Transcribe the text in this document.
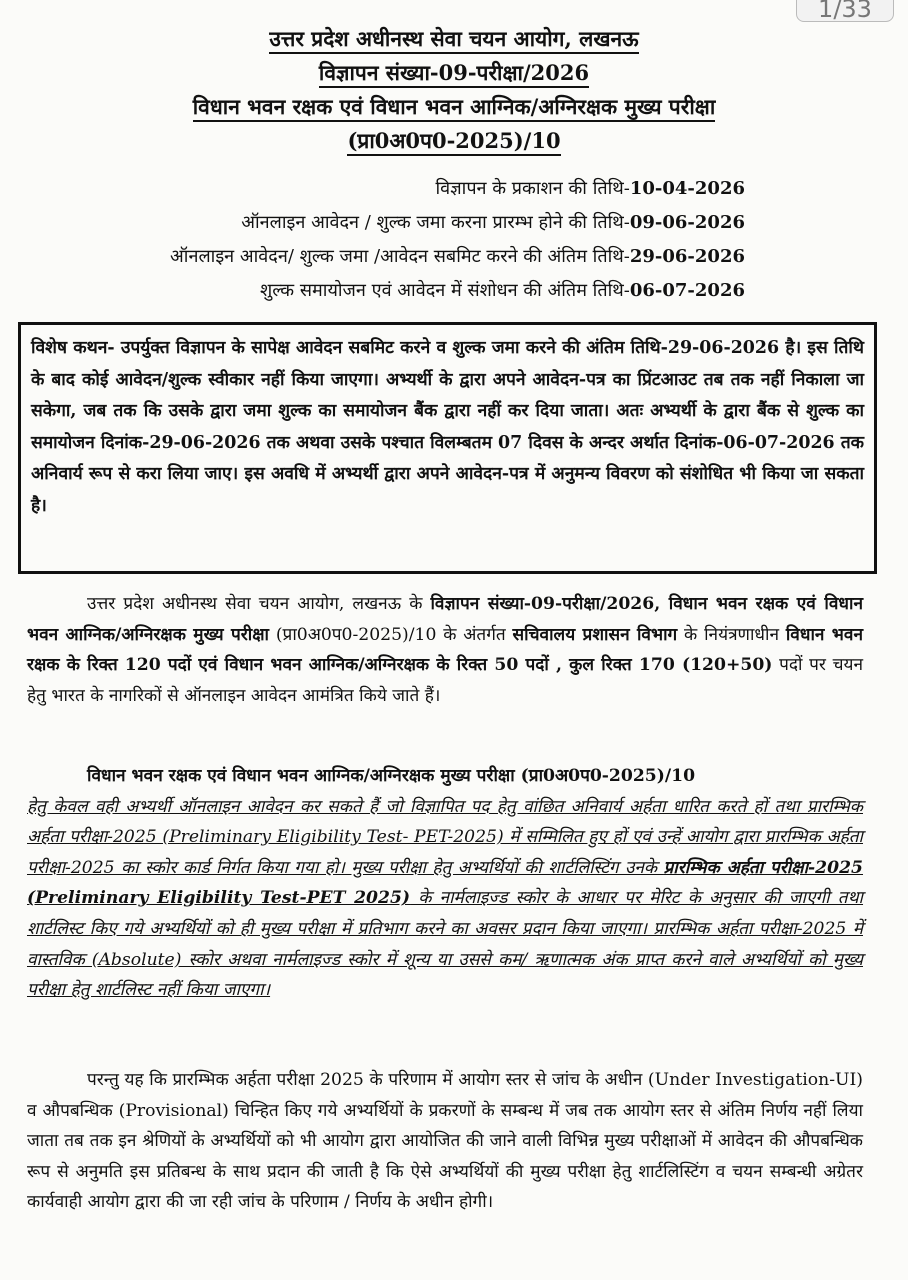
1/33
उत्तर प्रदेश अधीनस्थ सेवा चयन आयोग, लखनऊ
विज्ञापन संख्या-09-परीक्षा/2026
विधान भवन रक्षक एवं विधान भवन आग्निक/अग्निरक्षक मुख्य परीक्षा
(प्रा0अ0प0-2025)/10
विज्ञापन के प्रकाशन की तिथि-10-04-2026
ऑनलाइन आवेदन / शुल्क जमा करना प्रारम्भ होने की तिथि-09-06-2026
ऑनलाइन आवेदन/ शुल्क जमा /आवेदन सबमिट करने की अंतिम तिथि-29-06-2026
शुल्क समायोजन एवं आवेदन में संशोधन की अंतिम तिथि-06-07-2026
विशेष कथन- उपर्युक्त विज्ञापन के सापेक्ष आवेदन सबमिट करने व शुल्क जमा करने की अंतिम तिथि-29-06-2026 है। इस तिथि के बाद कोई आवेदन/शुल्क स्वीकार नहीं किया जाएगा। अभ्यर्थी के द्वारा अपने आवेदन-पत्र का प्रिंटआउट तब तक नहीं निकाला जा सकेगा, जब तक कि उसके द्वारा जमा शुल्क का समायोजन बैंक द्वारा नहीं कर दिया जाता। अतः अभ्यर्थी के द्वारा बैंक से शुल्क का समायोजन दिनांक-29-06-2026 तक अथवा उसके पश्चात विलम्बतम 07 दिवस के अन्दर अर्थात दिनांक-06-07-2026 तक अनिवार्य रूप से करा लिया जाए। इस अवधि में अभ्यर्थी द्वारा अपने आवेदन-पत्र में अनुमन्य विवरण को संशोधित भी किया जा सकता है।
उत्तर प्रदेश अधीनस्थ सेवा चयन आयोग, लखनऊ के विज्ञापन संख्या-09-परीक्षा/2026, विधान भवन रक्षक एवं विधान भवन आग्निक/अग्निरक्षक मुख्य परीक्षा (प्रा0अ0प0-2025)/10 के अंतर्गत सचिवालय प्रशासन विभाग के नियंत्रणाधीन विधान भवन रक्षक के रिक्त 120 पदों एवं विधान भवन आग्निक/अग्निरक्षक के रिक्त 50 पदों , कुल रिक्त 170 (120+50) पदों पर चयन हेतु भारत के नागरिकों से ऑनलाइन आवेदन आमंत्रित किये जाते हैं।
विधान भवन रक्षक एवं विधान भवन आग्निक/अग्निरक्षक मुख्य परीक्षा (प्रा0अ0प0-2025)/10
हेतु केवल वही अभ्यर्थी ऑनलाइन आवेदन कर सकते हैं जो विज्ञापित पद हेतु वांछित अनिवार्य अर्हता धारित करते हों तथा प्रारम्भिक अर्हता परीक्षा-2025 (Preliminary Eligibility Test- PET-2025) में सम्मिलित हुए हों एवं उन्हें आयोग द्वारा प्रारम्भिक अर्हता परीक्षा-2025 का स्कोर कार्ड निर्गत किया गया हो। मुख्य परीक्षा हेतु अभ्यर्थियों की शार्टलिस्टिंग उनके प्रारम्भिक अर्हता परीक्षा-2025 (Preliminary Eligibility Test-PET 2025) के नार्मलाइज्ड स्कोर के आधार पर मेरिट के अनुसार की जाएगी तथा शार्टलिस्ट किए गये अभ्यर्थियों को ही मुख्य परीक्षा में प्रतिभाग करने का अवसर प्रदान किया जाएगा। प्रारम्भिक अर्हता परीक्षा-2025 में वास्तविक (Absolute) स्कोर अथवा नार्मलाइज्ड स्कोर में शून्य या उससे कम/ ऋणात्मक अंक प्राप्त करने वाले अभ्यर्थियों को मुख्य परीक्षा हेतु शार्टलिस्ट नहीं किया जाएगा।
परन्तु यह कि प्रारम्भिक अर्हता परीक्षा 2025 के परिणाम में आयोग स्तर से जांच के अधीन (Under Investigation-UI) व औपबन्धिक (Provisional) चिन्हित किए गये अभ्यर्थियों के प्रकरणों के सम्बन्ध में जब तक आयोग स्तर से अंतिम निर्णय नहीं लिया जाता तब तक इन श्रेणियों के अभ्यर्थियों को भी आयोग द्वारा आयोजित की जाने वाली विभिन्न मुख्य परीक्षाओं में आवेदन की औपबन्धिक रूप से अनुमति इस प्रतिबन्ध के साथ प्रदान की जाती है कि ऐसे अभ्यर्थियों की मुख्य परीक्षा हेतु शार्टलिस्टिंग व चयन सम्बन्धी अग्रेतर कार्यवाही आयोग द्वारा की जा रही जांच के परिणाम / निर्णय के अधीन होगी।
